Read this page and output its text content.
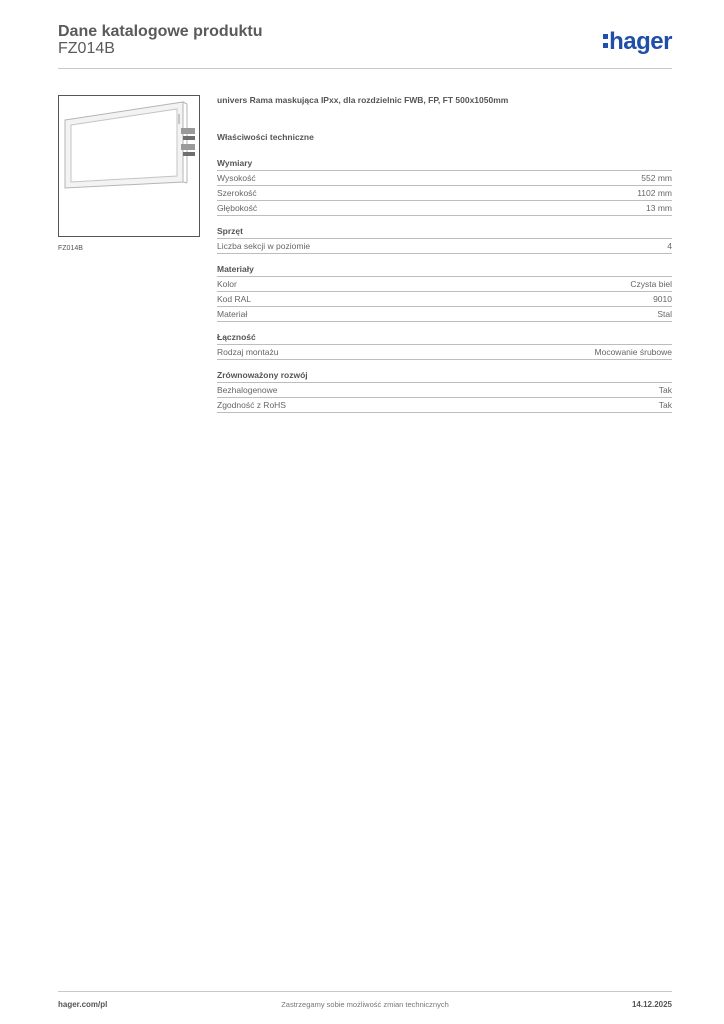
Dane katalogowe produktu
FZ014B	hager
FZ014B
univers Rama maskująca IPxx, dla rozdzielnic FWB, FP, FT 500x1050mm
Właściwości techniczne
Wymiary
Wysokość	552 mm
Szerokość	1102 mm
Głębokość	13 mm
Sprzęt
Liczba sekcji w poziomie	4
Materiały
Kolor	Czysta biel
Kod RAL	9010
Materiał	Stal
Łączność
Rodzaj montażu	Mocowanie śrubowe
Zrównoważony rozwój
Bezhalogenowe	Tak
Zgodność z RoHS	Tak
hager.com/pl	Zastrzegamy sobie możliwość zmian technicznych	14.12.2025
